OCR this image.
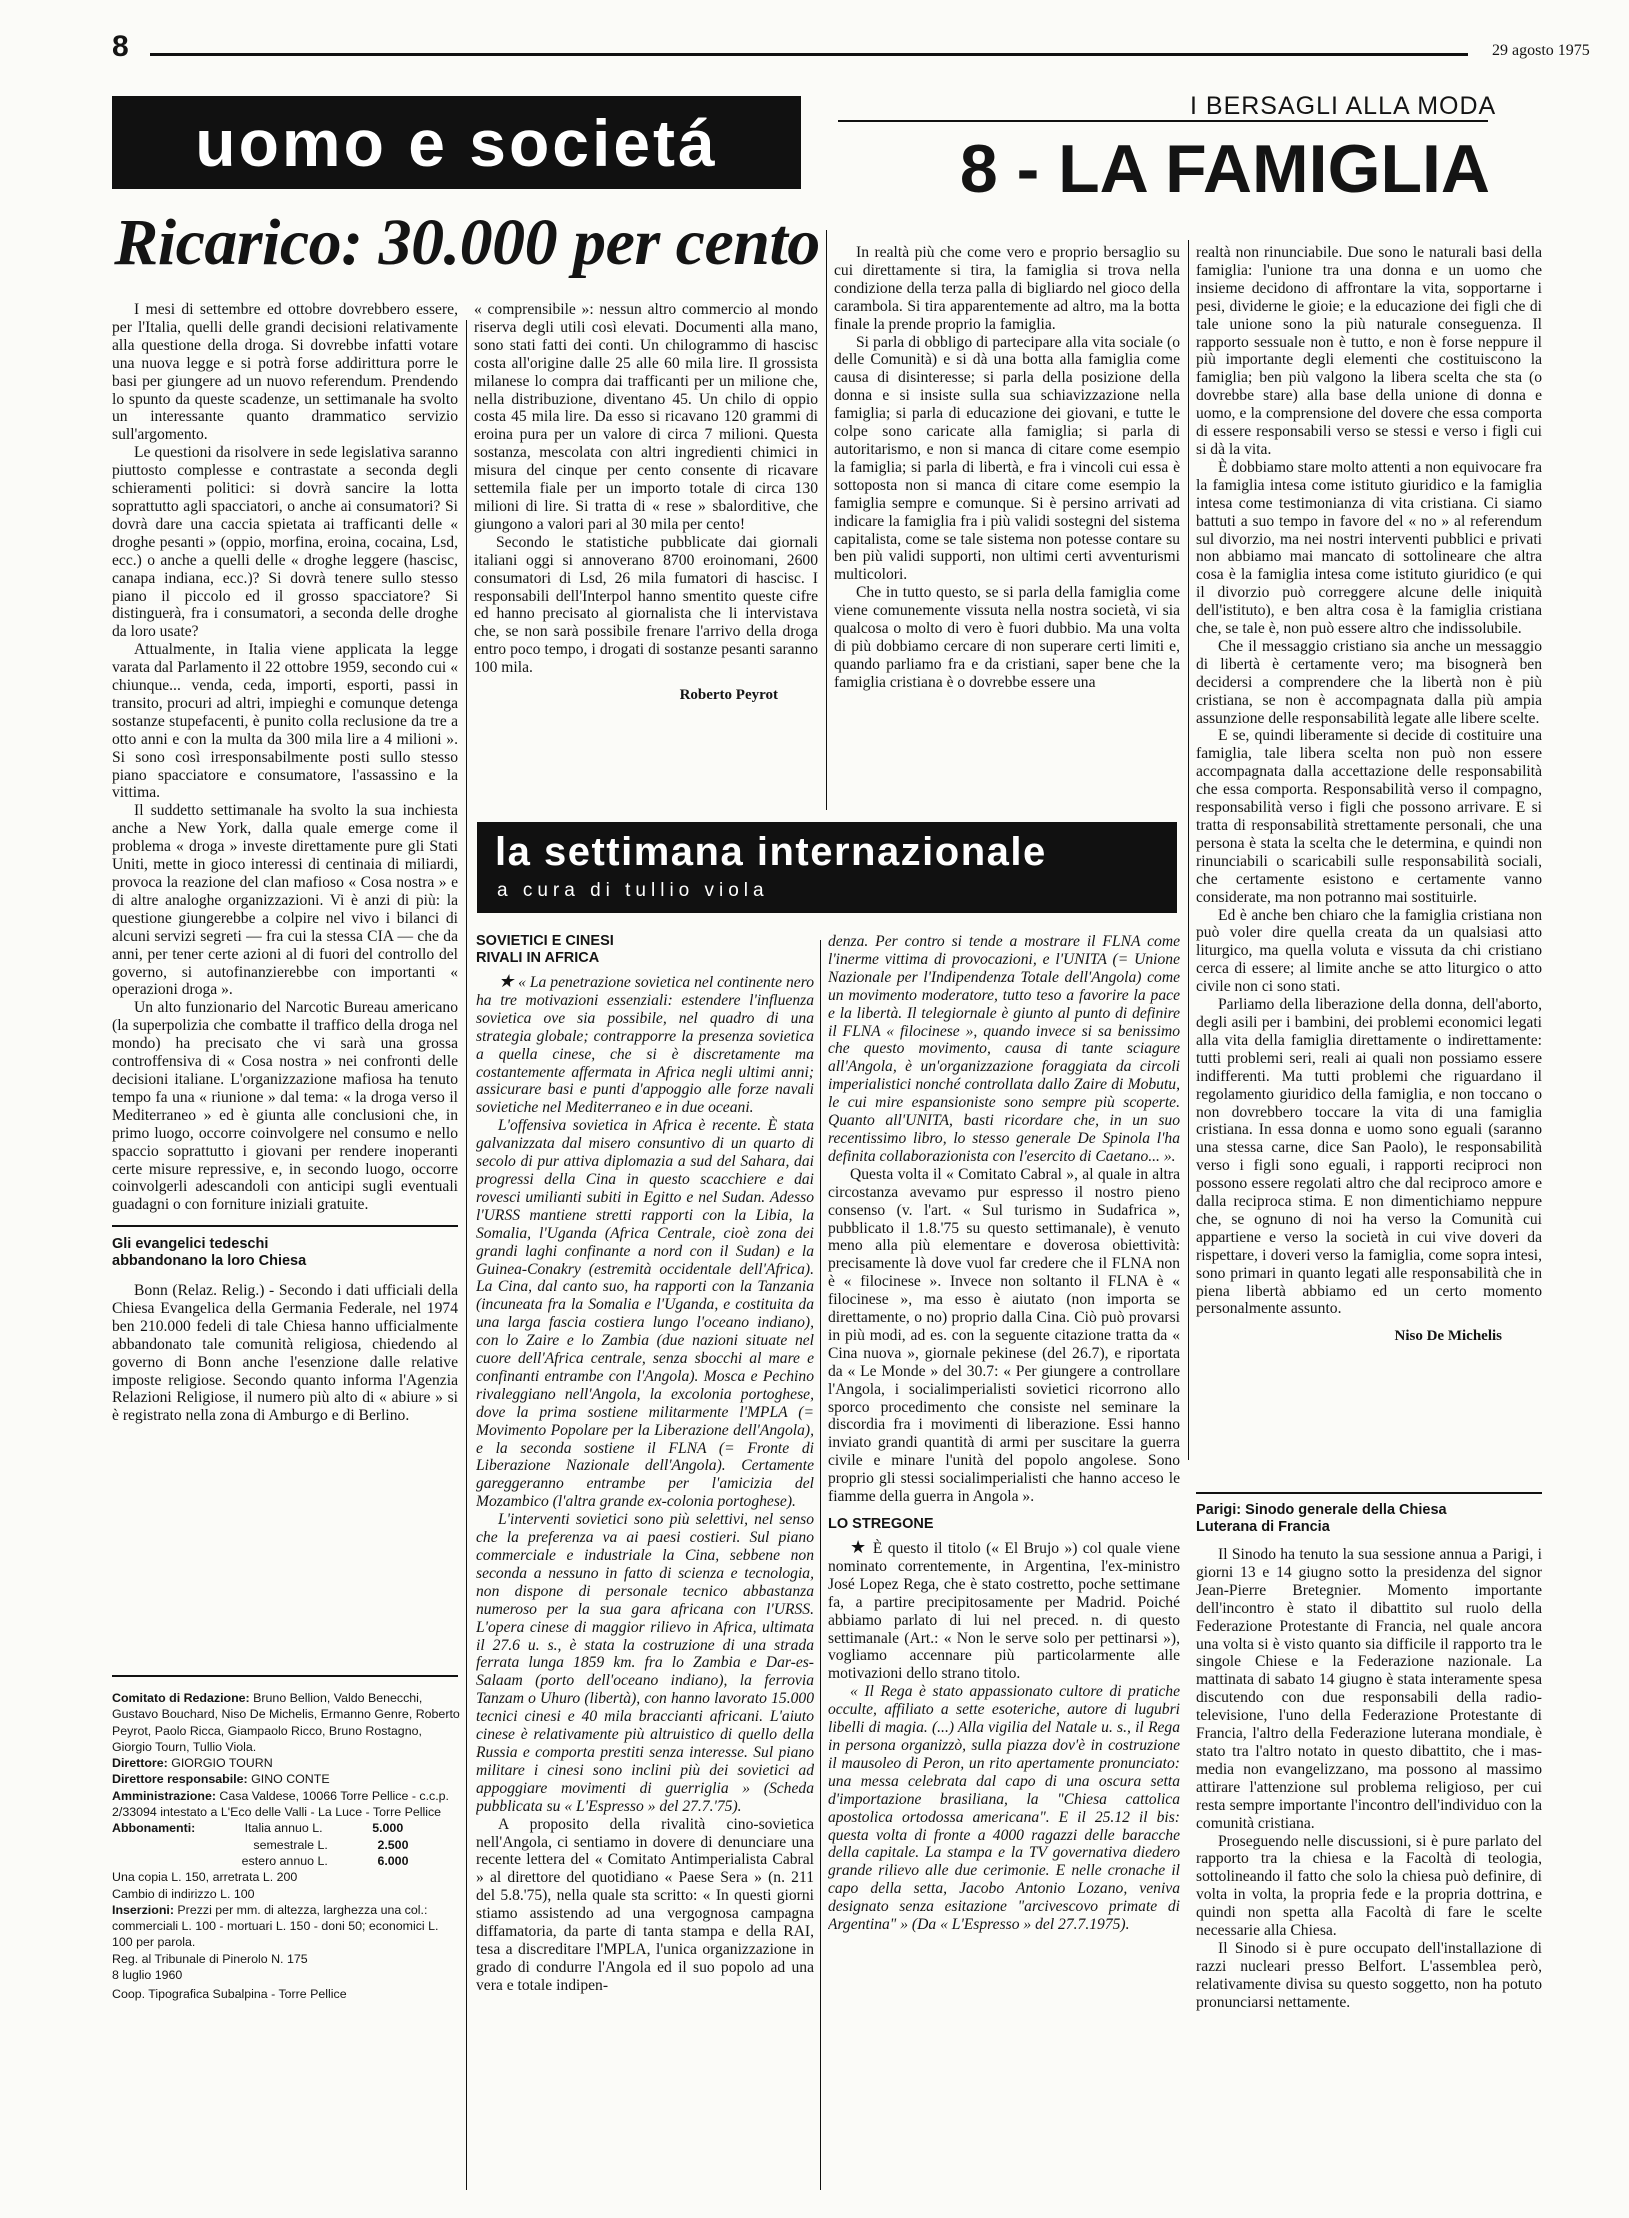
8	29 agosto 1975
uomo e societá
Ricarico: 30.000 per cento
I BERSAGLI ALLA MODA
8 - LA FAMIGLIA

I mesi di settembre ed ottobre dovrebbero essere, per l'Italia, quelli delle grandi decisioni relativamente alla questione della droga. Si dovrebbe infatti votare una nuova legge e si potrà forse addirittura porre le basi per giungere ad un nuovo referendum. Prendendo lo spunto da queste scadenze, un settimanale ha svolto un interessante quanto drammatico servizio sull'argomento.

Le questioni da risolvere in sede legislativa saranno piuttosto complesse e contrastate a seconda degli schieramenti politici: si dovrà sancire la lotta soprattutto agli spacciatori, o anche ai consumatori? Si dovrà dare una caccia spietata ai trafficanti delle « droghe pesanti » (oppio, morfina, eroina, cocaina, Lsd, ecc.) o anche a quelli delle « droghe leggere (hascisc, canapa indiana, ecc.)? Si dovrà tenere sullo stesso piano il piccolo ed il grosso spacciatore? Si distinguerà, fra i consumatori, a seconda delle droghe da loro usate?

Attualmente, in Italia viene applicata la legge varata dal Parlamento il 22 ottobre 1959, secondo cui « chiunque... venda, ceda, importi, esporti, passi in transito, procuri ad altri, impieghi e comunque detenga sostanze stupefacenti, è punito colla reclusione da tre a otto anni e con la multa da 300 mila lire a 4 milioni ». Si sono così irresponsabilmente posti sullo stesso piano spacciatore e consumatore, l'assassino e la vittima.

Il suddetto settimanale ha svolto la sua inchiesta anche a New York, dalla quale emerge come il problema « droga » investe direttamente pure gli Stati Uniti, mette in gioco interessi di centinaia di miliardi, provoca la reazione del clan mafioso « Cosa nostra » e di altre analoghe organizzazioni. Vi è anzi di più: la questione giungerebbe a colpire nel vivo i bilanci di alcuni servizi segreti — fra cui la stessa CIA — che da anni, per tener certe azioni al di fuori del controllo del governo, si autofinanzierebbe con importanti « operazioni droga ».

Un alto funzionario del Narcotic Bureau americano (la superpolizia che combatte il traffico della droga nel mondo) ha precisato che vi sarà una grossa controffensiva di « Cosa nostra » nei confronti delle decisioni italiane. L'organizzazione mafiosa ha tenuto tempo fa una « riunione » dal tema: « la droga verso il Mediterraneo » ed è giunta alle conclusioni che, in primo luogo, occorre coinvolgere nel consumo e nello spaccio soprattutto i giovani per rendere inoperanti certe misure repressive, e, in secondo luogo, occorre coinvolgerli adescandoli con anticipi sugli eventuali guadagni o con forniture iniziali gratuite.

« comprensibile »: nessun altro commercio al mondo riserva degli utili così elevati. Documenti alla mano, sono stati fatti dei conti. Un chilogrammo di hascisc costa all'origine dalle 25 alle 60 mila lire. Il grossista milanese lo compra dai trafficanti per un milione che, nella distribuzione, diventano 45. Un chilo di oppio costa 45 mila lire. Da esso si ricavano 120 grammi di eroina pura per un valore di circa 7 milioni. Questa sostanza, mescolata con altri ingredienti chimici in misura del cinque per cento consente di ricavare settemila fiale per un importo totale di circa 130 milioni di lire. Si tratta di « rese » sbalorditive, che giungono a valori pari al 30 mila per cento!

Secondo le statistiche pubblicate dai giornali italiani oggi si annoverano 8700 eroinomani, 2600 consumatori di Lsd, 26 mila fumatori di hascisc. I responsabili dell'Interpol hanno smentito queste cifre ed hanno precisato al giornalista che li intervistava che, se non sarà possibile frenare l'arrivo della droga entro poco tempo, i drogati di sostanze pesanti saranno 100 mila.

Roberto Peyrot

Gli evangelici tedeschi
abbandonano la loro Chiesa

Bonn (Relaz. Relig.) - Secondo i dati ufficiali della Chiesa Evangelica della Germania Federale, nel 1974 ben 210.000 fedeli di tale Chiesa hanno ufficialmente abbandonato tale comunità religiosa, chiedendo al governo di Bonn anche l'esenzione dalle relative imposte religiose. Secondo quanto informa l'Agenzia Relazioni Religiose, il numero più alto di « abiure » si è registrato nella zona di Amburgo e di Berlino.

Comitato di Redazione: Bruno Bellion, Valdo Benecchi, Gustavo Bouchard, Niso De Michelis, Ermanno Genre, Roberto Peyrot, Paolo Ricca, Giampaolo Ricco, Bruno Rostagno, Giorgio Tourn, Tullio Viola.
Direttore: GIORGIO TOURN
Direttore responsabile: GINO CONTE
Amministrazione: Casa Valdese, 10066 Torre Pellice - c.c.p. 2/33094 intestato a L'Eco delle Valli - La Luce - Torre Pellice
Abbonamenti:	Italia annuo L.	5.000
semestrale L.	2.500
estero annuo L.	6.000
Una copia L. 150, arretrata L. 200
Cambio di indirizzo L. 100
Inserzioni: Prezzi per mm. di altezza, larghezza una col.: commerciali L. 100 - mortuari L. 150 - doni 50; economici L. 100 per parola.
Reg. al Tribunale di Pinerolo N. 175
8 luglio 1960
Coop. Tipografica Subalpina - Torre Pellice

In realtà più che come vero e proprio bersaglio su cui direttamente si tira, la famiglia si trova nella condizione della terza palla di bigliardo nel gioco della carambola. Si tira apparentemente ad altro, ma la botta finale la prende proprio la famiglia.

Si parla di obbligo di partecipare alla vita sociale (o delle Comunità) e si dà una botta alla famiglia come causa di disinteresse; si parla della posizione della donna e si insiste sulla sua schiavizzazione nella famiglia; si parla di educazione dei giovani, e tutte le colpe sono caricate alla famiglia; si parla di autoritarismo, e non si manca di citare come esempio la famiglia; si parla di libertà, e fra i vincoli cui essa è sottoposta non si manca di citare come esempio la famiglia sempre e comunque. Si è persino arrivati ad indicare la famiglia fra i più validi sostegni del sistema capitalista, come se tale sistema non potesse contare su ben più validi supporti, non ultimi certi avventurismi multicolori.

Che in tutto questo, se si parla della famiglia come viene comunemente vissuta nella nostra società, vi sia qualcosa o molto di vero è fuori dubbio. Ma una volta di più dobbiamo cercare di non superare certi limiti e, quando parliamo fra e da cristiani, saper bene che la famiglia cristiana è o dovrebbe essere una

realtà non rinunciabile. Due sono le naturali basi della famiglia: l'unione tra una donna e un uomo che insieme decidono di affrontare la vita, sopportarne i pesi, dividerne le gioie; e la educazione dei figli che di tale unione sono la più naturale conseguenza. Il rapporto sessuale non è tutto, e non è forse neppure il più importante degli elementi che costituiscono la famiglia; ben più valgono la libera scelta che sta (o dovrebbe stare) alla base della unione di donna e uomo, e la comprensione del dovere che essa comporta di essere responsabili verso se stessi e verso i figli cui si dà la vita.

È dobbiamo stare molto attenti a non equivocare fra la famiglia intesa come istituto giuridico e la famiglia intesa come testimonianza di vita cristiana. Ci siamo battuti a suo tempo in favore del « no » al referendum sul divorzio, ma nei nostri interventi pubblici e privati non abbiamo mai mancato di sottolineare che altra cosa è la famiglia intesa come istituto giuridico (e qui il divorzio può correggere alcune delle iniquità dell'istituto), e ben altra cosa è la famiglia cristiana che, se tale è, non può essere altro che indissolubile.

Che il messaggio cristiano sia anche un messaggio di libertà è certamente vero; ma bisognerà ben decidersi a comprendere che la libertà non è più cristiana, se non è accompagnata dalla più ampia assunzione delle responsabilità legate alle libere scelte.

E se, quindi liberamente si decide di costituire una famiglia, tale libera scelta non può non essere accompagnata dalla accettazione delle responsabilità che essa comporta. Responsabilità verso il compagno, responsabilità verso i figli che possono arrivare. E si tratta di responsabilità strettamente personali, che una persona è stata la scelta che le determina, e quindi non rinunciabili o scaricabili sulle responsabilità sociali, che certamente esistono e certamente vanno considerate, ma non potranno mai sostituirle.

Ed è anche ben chiaro che la famiglia cristiana non può voler dire quella creata da un qualsiasi atto liturgico, ma quella voluta e vissuta da chi cristiano cerca di essere; al limite anche se atto liturgico o atto civile non ci sono stati.

Parliamo della liberazione della donna, dell'aborto, degli asili per i bambini, dei problemi economici legati alla vita della famiglia direttamente o indirettamente: tutti problemi seri, reali ai quali non possiamo essere indifferenti. Ma tutti problemi che riguardano il regolamento giuridico della famiglia, e non toccano o non dovrebbero toccare la vita di una famiglia cristiana. In essa donna e uomo sono eguali (saranno una stessa carne, dice San Paolo), le responsabilità verso i figli sono eguali, i rapporti reciproci non possono essere regolati altro che dal reciproco amore e dalla reciproca stima. E non dimentichiamo neppure che, se ognuno di noi ha verso la Comunità cui appartiene e verso la società in cui vive doveri da rispettare, i doveri verso la famiglia, come sopra intesi, sono primari in quanto legati alle responsabilità che in piena libertà abbiamo ed un certo momento personalmente assunto.

Niso De Michelis

la settimana internazionale
a cura di tullio viola

SOVIETICI E CINESI
RIVALI IN AFRICA

★ « La penetrazione sovietica nel continente nero ha tre motivazioni essenziali: estendere l'influenza sovietica ove sia possibile, nel quadro di una strategia globale; contrapporre la presenza sovietica a quella cinese, che si è discretamente ma costantemente affermata in Africa negli ultimi anni; assicurare basi e punti d'appoggio alle forze navali sovietiche nel Mediterraneo e in due oceani.

L'offensiva sovietica in Africa è recente. È stata galvanizzata dal misero consuntivo di un quarto di secolo di pur attiva diplomazia a sud del Sahara, dai progressi della Cina in questo scacchiere e dai rovesci umilianti subiti in Egitto e nel Sudan. Adesso l'URSS mantiene stretti rapporti con la Libia, la Somalia, l'Uganda (Africa Centrale, cioè zona dei grandi laghi confinante a nord con il Sudan) e la Guinea-Conakry (estremità occidentale dell'Africa). La Cina, dal canto suo, ha rapporti con la Tanzania (incuneata fra la Somalia e l'Uganda, e costituita da una larga fascia costiera lungo l'oceano indiano), con lo Zaire e lo Zambia (due nazioni situate nel cuore dell'Africa centrale, senza sbocchi al mare e confinanti entrambe con l'Angola). Mosca e Pechino rivaleggiano nell'Angola, la excolonia portoghese, dove la prima sostiene militarmente l'MPLA (= Movimento Popolare per la Liberazione dell'Angola), e la seconda sostiene il FLNA (= Fronte di Liberazione Nazionale dell'Angola). Certamente gareggeranno entrambe per l'amicizia del Mozambico (l'altra grande ex-colonia portoghese).

L'interventi sovietici sono più selettivi, nel senso che la preferenza va ai paesi costieri. Sul piano commerciale e industriale la Cina, sebbene non seconda a nessuno in fatto di scienza e tecnologia, non dispone di personale tecnico abbastanza numeroso per la sua gara africana con l'URSS. L'opera cinese di maggior rilievo in Africa, ultimata il 27.6 u. s., è stata la costruzione di una strada ferrata lunga 1859 km. fra lo Zambia e Dar-es-Salaam (porto dell'oceano indiano), la ferrovia Tanzam o Uhuro (libertà), con hanno lavorato 15.000 tecnici cinesi e 40 mila braccianti africani. L'aiuto cinese è relativamente più altruistico di quello della Russia e comporta prestiti senza interesse. Sul piano militare i cinesi sono inclini più dei sovietici ad appoggiare movimenti di guerriglia » (Scheda pubblicata su « L'Espresso » del 27.7.'75).

A proposito della rivalità cino-sovietica nell'Angola, ci sentiamo in dovere di denunciare una recente lettera del « Comitato Antimperialista Cabral » al direttore del quotidiano « Paese Sera » (n. 211 del 5.8.'75), nella quale sta scritto: « In questi giorni stiamo assistendo ad una vergognosa campagna diffamatoria, da parte di tanta stampa e della RAI, tesa a discreditare l'MPLA, l'unica organizzazione in grado di condurre l'Angola ed il suo popolo ad una vera e totale indipen-

denza. Per contro si tende a mostrare il FLNA come l'inerme vittima di provocazioni, e l'UNITA (= Unione Nazionale per l'Indipendenza Totale dell'Angola) come un movimento moderatore, tutto teso a favorire la pace e la libertà. Il telegiornale è giunto al punto di definire il FLNA « filocinese », quando invece si sa benissimo che questo movimento, causa di tante sciagure all'Angola, è un'organizzazione foraggiata da circoli imperialistici nonché controllata dallo Zaire di Mobutu, le cui mire espansioniste sono sempre più scoperte. Quanto all'UNITA, basti ricordare che, in un suo recentissimo libro, lo stesso generale De Spinola l'ha definita collaborazionista con l'esercito di Caetano... ».

Questa volta il « Comitato Cabral », al quale in altra circostanza avevamo pur espresso il nostro pieno consenso (v. l'art. « Sul turismo in Sudafrica », pubblicato il 1.8.'75 su questo settimanale), è venuto meno alla più elementare e doverosa obiettività: precisamente là dove vuol far credere che il FLNA non è « filocinese ». Invece non soltanto il FLNA è « filocinese », ma esso è aiutato (non importa se direttamente, o no) proprio dalla Cina. Ciò può provarsi in più modi, ad es. con la seguente citazione tratta da « Cina nuova », giornale pekinese (del 26.7), e riportata da « Le Monde » del 30.7: « Per giungere a controllare l'Angola, i socialimperialisti sovietici ricorrono allo sporco procedimento che consiste nel seminare la discordia fra i movimenti di liberazione. Essi hanno inviato grandi quantità di armi per suscitare la guerra civile e minare l'unità del popolo angolese. Sono proprio gli stessi socialimperialisti che hanno acceso le fiamme della guerra in Angola ».

LO STREGONE

★ È questo il titolo (« El Brujo ») col quale viene nominato correntemente, in Argentina, l'ex-ministro José Lopez Rega, che è stato costretto, poche settimane fa, a partire precipitosamente per Madrid. Poiché abbiamo parlato di lui nel preced. n. di questo settimanale (Art.: « Non le serve solo per pettinarsi »), vogliamo accennare più particolarmente alle motivazioni dello strano titolo.

« Il Rega è stato appassionato cultore di pratiche occulte, affiliato a sette esoteriche, autore di lugubri libelli di magia. (...) Alla vigilia del Natale u. s., il Rega in persona organizzò, sulla piazza dov'è in costruzione il mausoleo di Peron, un rito apertamente pronunciato: una messa celebrata dal capo di una oscura setta d'importazione brasiliana, la "Chiesa cattolica apostolica ortodossa americana". E il 25.12 il bis: questa volta di fronte a 4000 ragazzi delle baracche della capitale. La stampa e la TV governativa diedero grande rilievo alle due cerimonie. E nelle cronache il capo della setta, Jacobo Antonio Lozano, veniva designato senza esitazione "arcivescovo primate di Argentina" » (Da « L'Espresso » del 27.7.1975).

Parigi: Sinodo generale della Chiesa
Luterana di Francia

Il Sinodo ha tenuto la sua sessione annua a Parigi, i giorni 13 e 14 giugno sotto la presidenza del signor Jean-Pierre Bretegnier. Momento importante dell'incontro è stato il dibattito sul ruolo della Federazione Protestante di Francia, nel quale ancora una volta si è visto quanto sia difficile il rapporto tra le singole Chiese e la Federazione nazionale. La mattinata di sabato 14 giugno è stata interamente spesa discutendo con due responsabili della radio-televisione, l'uno della Federazione Protestante di Francia, l'altro della Federazione luterana mondiale, è stato tra l'altro notato in questo dibattito, che i mas-media non evangelizzano, ma possono al massimo attirare l'attenzione sul problema religioso, per cui resta sempre importante l'incontro dell'individuo con la comunità cristiana.

Proseguendo nelle discussioni, si è pure parlato del rapporto tra la chiesa e la Facoltà di teologia, sottolineando il fatto che solo la chiesa può definire, di volta in volta, la propria fede e la propria dottrina, e quindi non spetta alla Facoltà di fare le scelte necessarie alla Chiesa.

Il Sinodo si è pure occupato dell'installazione di razzi nucleari presso Belfort. L'assemblea però, relativamente divisa su questo soggetto, non ha potuto pronunciarsi nettamente.
